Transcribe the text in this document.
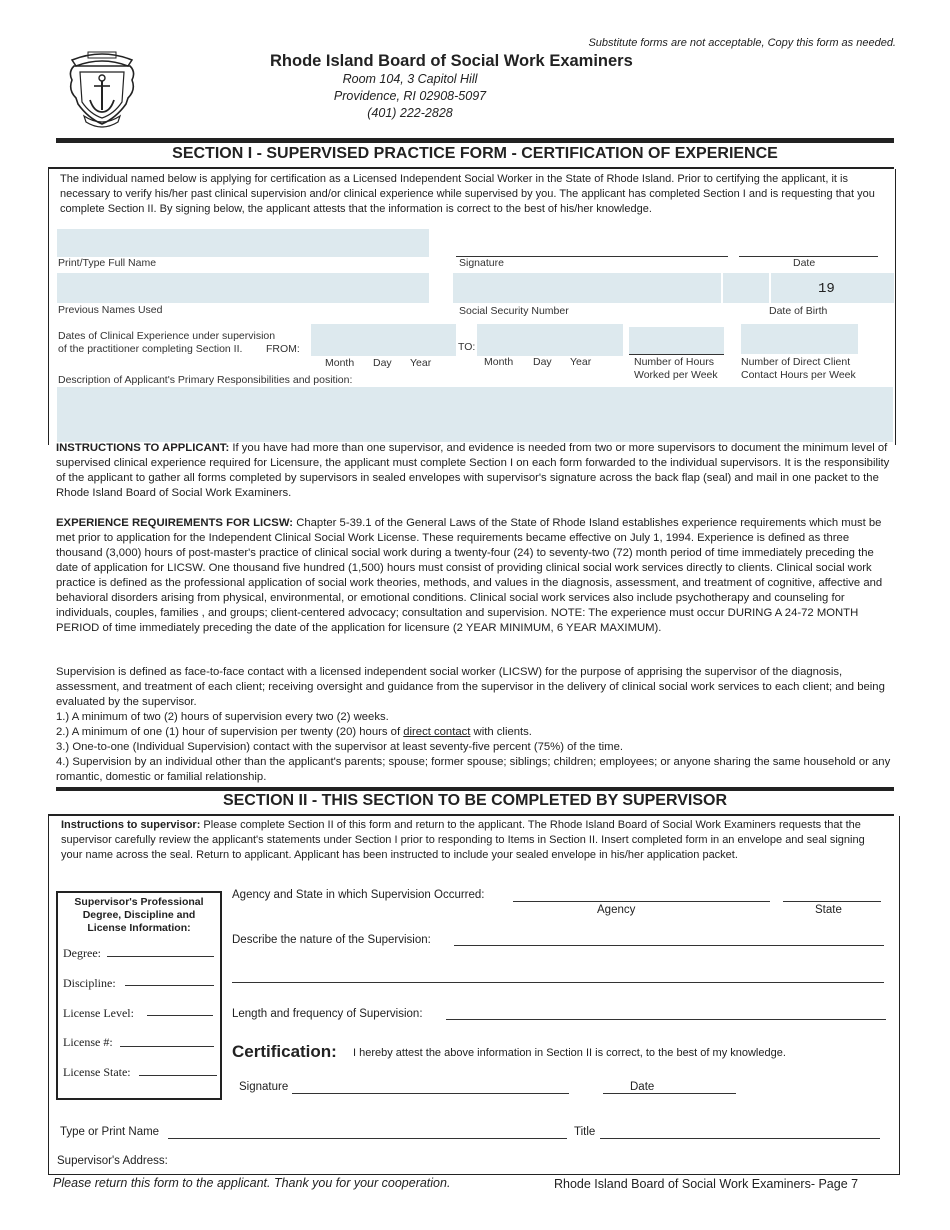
Substitute forms are not acceptable, Copy this form as needed.
Rhode Island Board of Social Work Examiners
Room 104, 3 Capitol Hill
Providence, RI 02908-5097
(401) 222-2828
SECTION I - SUPERVISED PRACTICE FORM - CERTIFICATION OF EXPERIENCE
The individual named below is applying for certification as a Licensed Independent Social Worker in the State of Rhode Island. Prior to certifying the applicant, it is necessary to verify his/her past clinical supervision and/or clinical experience while supervised by you. The applicant has completed Section I and is requesting that you complete Section II. By signing below, the applicant attests that the information is correct to the best of his/her knowledge.
Print/Type Full Name	Signature	Date
Previous Names Used	Social Security Number
19
Date of Birth
Dates of Clinical Experience under supervision
of the practitioner completing Section II. FROM:
Month Day Year
TO:
Month Day Year	Number of Hours Worked per Week
Number of Direct Client Contact Hours per Week
Description of Applicant's Primary Responsibilities and position:

INSTRUCTIONS TO APPLICANT: If you have had more than one supervisor, and evidence is needed from two or more supervisors to document the minimum level of supervised clinical experience required for Licensure, the applicant must complete Section I on each form forwarded to the individual supervisors. It is the responsibility of the applicant to gather all forms completed by supervisors in sealed envelopes with supervisor's signature across the back flap (seal) and mail in one packet to the Rhode Island Board of Social Work Examiners.

EXPERIENCE REQUIREMENTS FOR LICSW: Chapter 5-39.1 of the General Laws of the State of Rhode Island establishes experience requirements which must be met prior to application for the Independent Clinical Social Work License. These requirements became effective on July 1, 1994. Experience is defined as three thousand (3,000) hours of post-master's practice of clinical social work during a twenty-four (24) to seventy-two (72) month period of time immediately preceding the date of application for LICSW. One thousand five hundred (1,500) hours must consist of providing clinical social work services directly to clients. Clinical social work practice is defined as the professional application of social work theories, methods, and values in the diagnosis, assessment, and treatment of cognitive, affective and behavioral disorders arising from physical, environmental, or emotional conditions. Clinical social work services also include psychotherapy and counseling for individuals, couples, families , and groups; client-centered advocacy; consultation and supervision. NOTE: The experience must occur DURING A 24-72 MONTH PERIOD of time immediately preceding the date of the application for licensure (2 YEAR MINIMUM, 6 YEAR MAXIMUM).

Supervision is defined as face-to-face contact with a licensed independent social worker (LICSW) for the purpose of apprising the supervisor of the diagnosis, assessment, and treatment of each client; receiving oversight and guidance from the supervisor in the delivery of clinical social work services to each client; and being evaluated by the supervisor.

1.) A minimum of two (2) hours of supervision every two (2) weeks.

2.) A minimum of one (1) hour of supervision per twenty (20) hours of direct contact with clients.

3.) One-to-one (Individual Supervision) contact with the supervisor at least seventy-five percent (75%) of the time.

4.) Supervision by an individual other than the applicant's parents; spouse; former spouse; siblings; children; employees; or anyone sharing the same household or any romantic, domestic or familial relationship.

SECTION II - THIS SECTION TO BE COMPLETED BY SUPERVISOR
Instructions to supervisor: Please complete Section II of this form and return to the applicant. The Rhode Island Board of Social Work Examiners requests that the supervisor carefully review the applicant's statements under Section I prior to responding to Items in Section II. Insert completed form in an envelope and seal signing your name across the seal. Return to applicant. Applicant has been instructed to include your sealed envelope in his/her application packet.
Supervisor's Professional Degree, Discipline and License Information:
Degree:
Discipline:
License Level:
License #:
License State:
Agency and State in which Supervision Occurred:
Agency	State
Describe the nature of the Supervision:
Length and frequency of Supervision:
Certification: I hereby attest the above information in Section II is correct, to the best of my knowledge.
Signature	Date
Type or Print Name	Title
Supervisor's Address:
Please return this form to the applicant. Thank you for your cooperation.	Rhode Island Board of Social Work Examiners- Page 7
